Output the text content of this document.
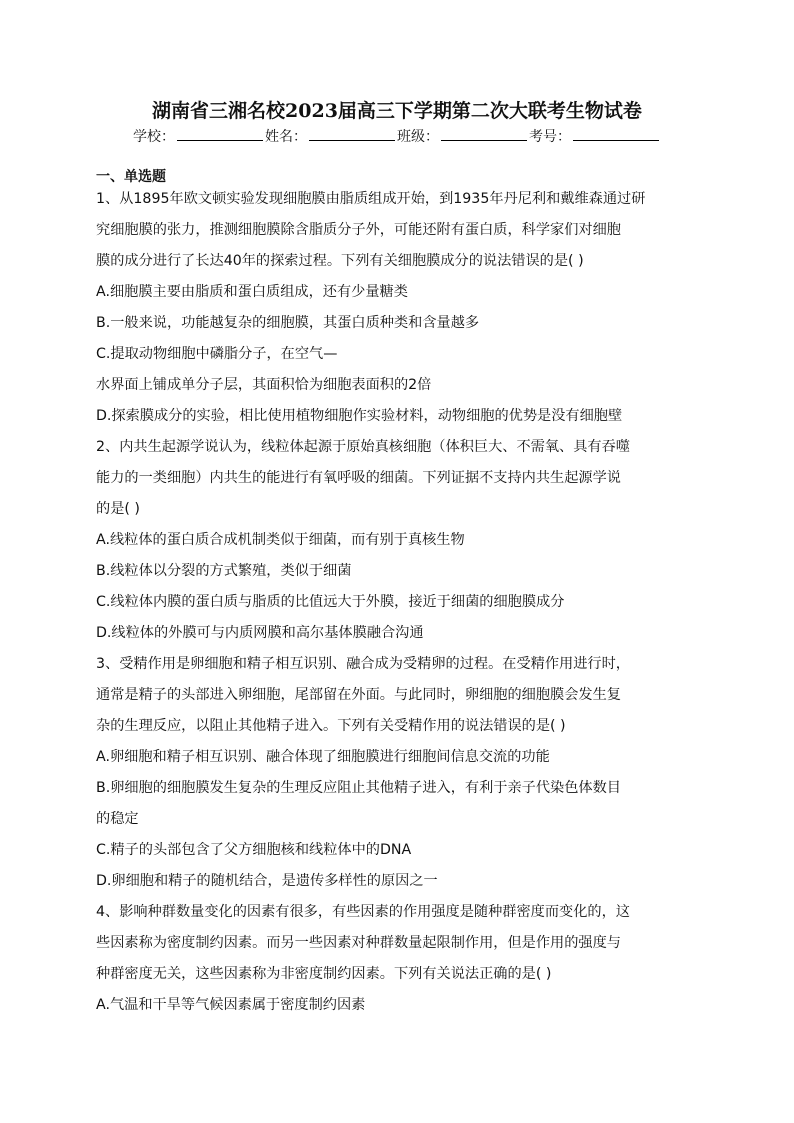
湖南省三湘名校2023届高三下学期第二次大联考生物试卷
学校：	姓名：	班级：	考号：
一、单选题

1、从1895年欧文顿实验发现细胞膜由脂质组成开始，到1935年丹尼利和戴维森通过研

究细胞膜的张力，推测细胞膜除含脂质分子外，可能还附有蛋白质，科学家们对细胞

膜的成分进行了长达40年的探索过程。下列有关细胞膜成分的说法错误的是( )

A.细胞膜主要由脂质和蛋白质组成，还有少量糖类

B.一般来说，功能越复杂的细胞膜，其蛋白质种类和含量越多

C.提取动物细胞中磷脂分子，在空气—

水界面上铺成单分子层，其面积恰为细胞表面积的2倍

D.探索膜成分的实验，相比使用植物细胞作实验材料，动物细胞的优势是没有细胞壁

2、内共生起源学说认为，线粒体起源于原始真核细胞（体积巨大、不需氧、具有吞噬

能力的一类细胞）内共生的能进行有氧呼吸的细菌。下列证据不支持内共生起源学说

的是( )

A.线粒体的蛋白质合成机制类似于细菌，而有别于真核生物

B.线粒体以分裂的方式繁殖，类似于细菌

C.线粒体内膜的蛋白质与脂质的比值远大于外膜，接近于细菌的细胞膜成分

D.线粒体的外膜可与内质网膜和高尔基体膜融合沟通

3、受精作用是卵细胞和精子相互识别、融合成为受精卵的过程。在受精作用进行时，

通常是精子的头部进入卵细胞，尾部留在外面。与此同时，卵细胞的细胞膜会发生复

杂的生理反应，以阻止其他精子进入。下列有关受精作用的说法错误的是( )

A.卵细胞和精子相互识别、融合体现了细胞膜进行细胞间信息交流的功能

B.卵细胞的细胞膜发生复杂的生理反应阻止其他精子进入，有利于亲子代染色体数目

的稳定

C.精子的头部包含了父方细胞核和线粒体中的DNA

D.卵细胞和精子的随机结合，是遗传多样性的原因之一

4、影响种群数量变化的因素有很多，有些因素的作用强度是随种群密度而变化的，这

些因素称为密度制约因素。而另一些因素对种群数量起限制作用，但是作用的强度与

种群密度无关，这些因素称为非密度制约因素。下列有关说法正确的是( )

A.气温和干旱等气候因素属于密度制约因素
